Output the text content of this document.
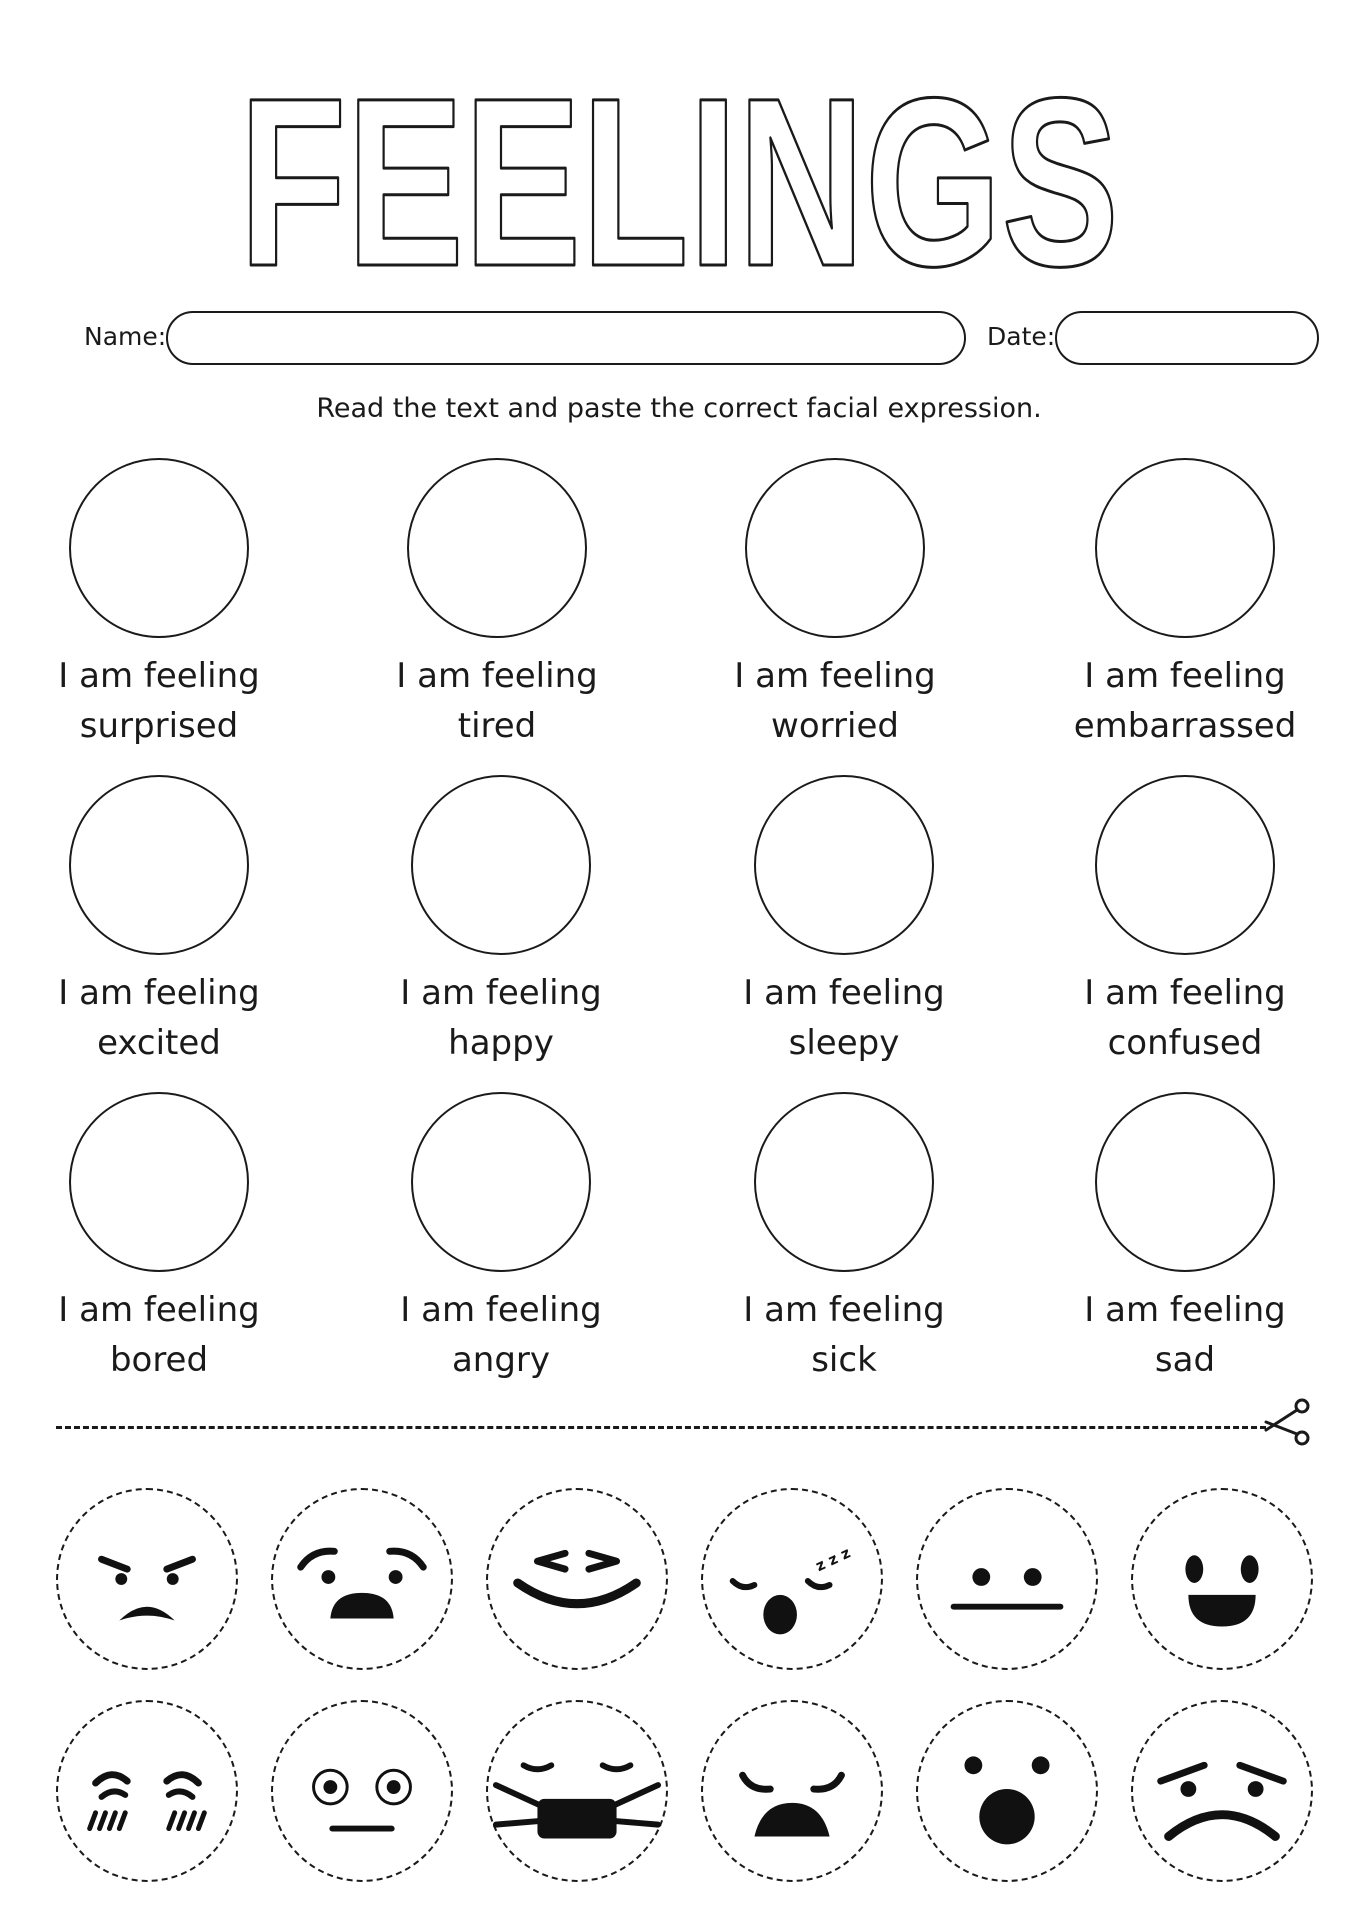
FEELINGS
Name:	Date:
Read the text and paste the correct facial expression.
I am feeling
surprised
I am feeling
tired
I am feeling
worried
I am feeling
embarrassed
I am feeling
excited
I am feeling
happy
I am feeling
sleepy
I am feeling
confused
I am feeling
bored
I am feeling
angry
I am feeling
sick
I am feeling
sad
z z z
